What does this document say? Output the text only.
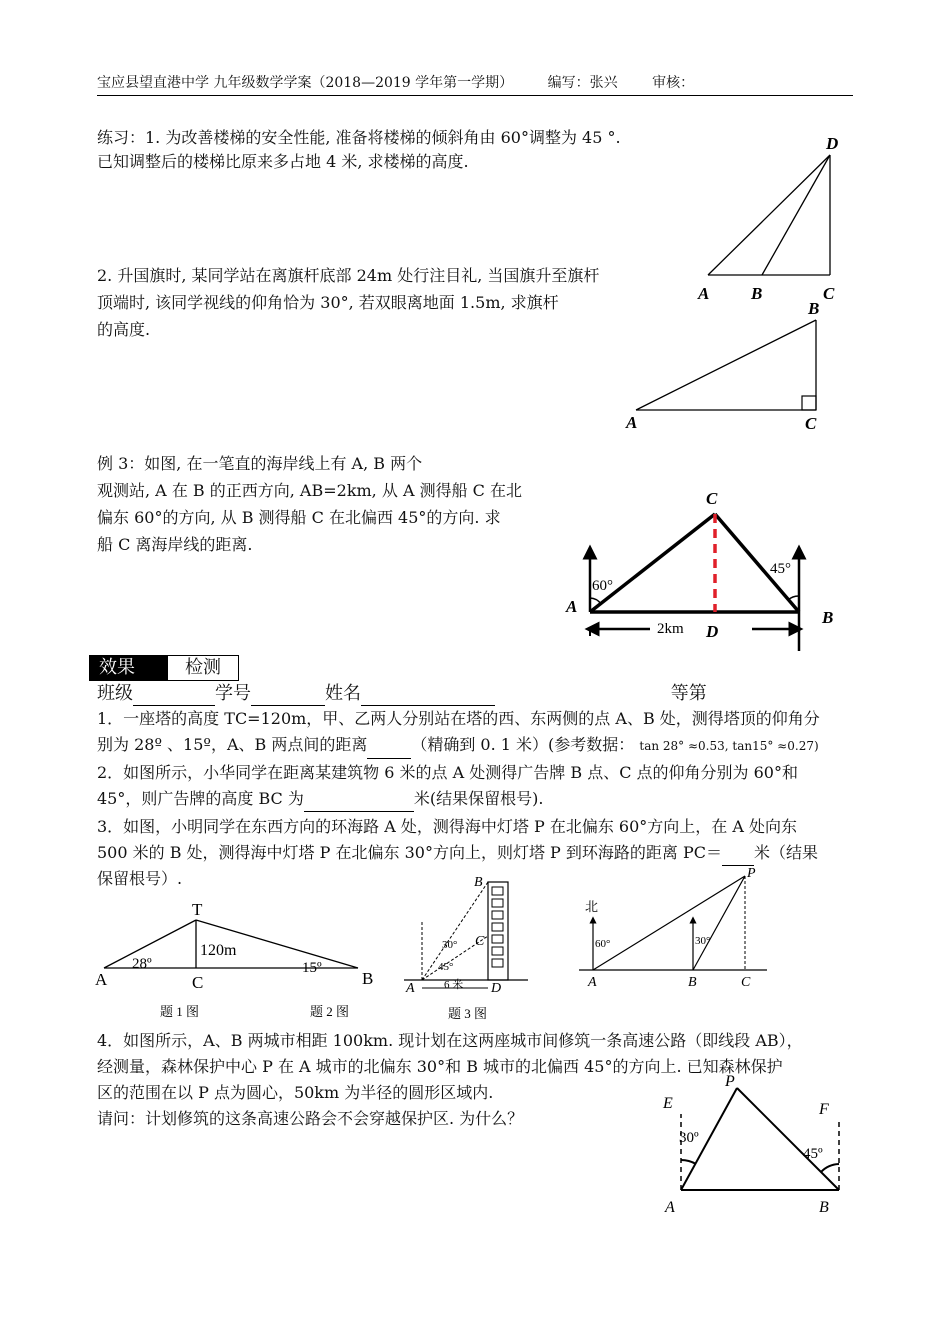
宝应县望直港中学 九年级数学学案（2018—2019 学年第一学期） 编写：张兴 审核：
练习：1. 为改善楼梯的安全性能, 准备将楼梯的倾斜角由 60°调整为 45 °.
已知调整后的楼梯比原来多占地 4 米, 求楼梯的高度.
D
A B	C
2. 升国旗时, 某同学站在离旗杆底部 24m 处行注目礼, 当国旗升至旗杆
顶端时, 该同学视线的仰角恰为 30°, 若双眼离地面 1.5m, 求旗杆
的高度.
B
A	C
例 3：如图, 在一笔直的海岸线上有 A, B 两个
观测站, A 在 B 的正西方向, AB=2km, 从 A 测得船 C 在北
偏东 60°的方向, 从 B 测得船 C 在北偏西 45°的方向. 求
船 C 离海岸线的距离.
C
A
B
D
60°
45°
2km
效果	检测
班级	学号	姓名	等第
1．一座塔的高度 TC=120m，甲、乙两人分别站在塔的西、东两侧的点 A、B 处，测得塔顶的仰角分
别为 28º 、15º，A、B 两点间的距离	（精确到 0. 1 米）(参考数据： tan 28° ≈0.53, tan15° ≈0.27)
2．如图所示，小华同学在距离某建筑物 6 米的点 A 处测得广告牌 B 点、C 点的仰角分别为 60°和
45°，则广告牌的高度 BC 为	米(结果保留根号).
3．如图，小明同学在东西方向的环海路 A 处，测得海中灯塔 P 在北偏东 60°方向上，在 A 处向东
500 米的 B 处，测得海中灯塔 P 在北偏东 30°方向上，则灯塔 P 到环海路的距离 PC＝ 米（结果
保留根号）.
T
A	C	B
120m
28º	15º
题 1 图	题 2 图
B
C
A	D
30°
45°
6 米
题 3 图
北
P
A	B	C
60°	30°
4．如图所示，A、B 两城市相距 100km. 现计划在这两座城市间修筑一条高速公路（即线段 AB），
经测量，森林保护中心 P 在 A 城市的北偏东 30°和 B 城市的北偏西 45°的方向上. 已知森林保护
区的范围在以 P 点为圆心，50km 为半径的圆形区域内.
请问：计划修筑的这条高速公路会不会穿越保护区. 为什么？
P
E	F
A	B
30º
45º
